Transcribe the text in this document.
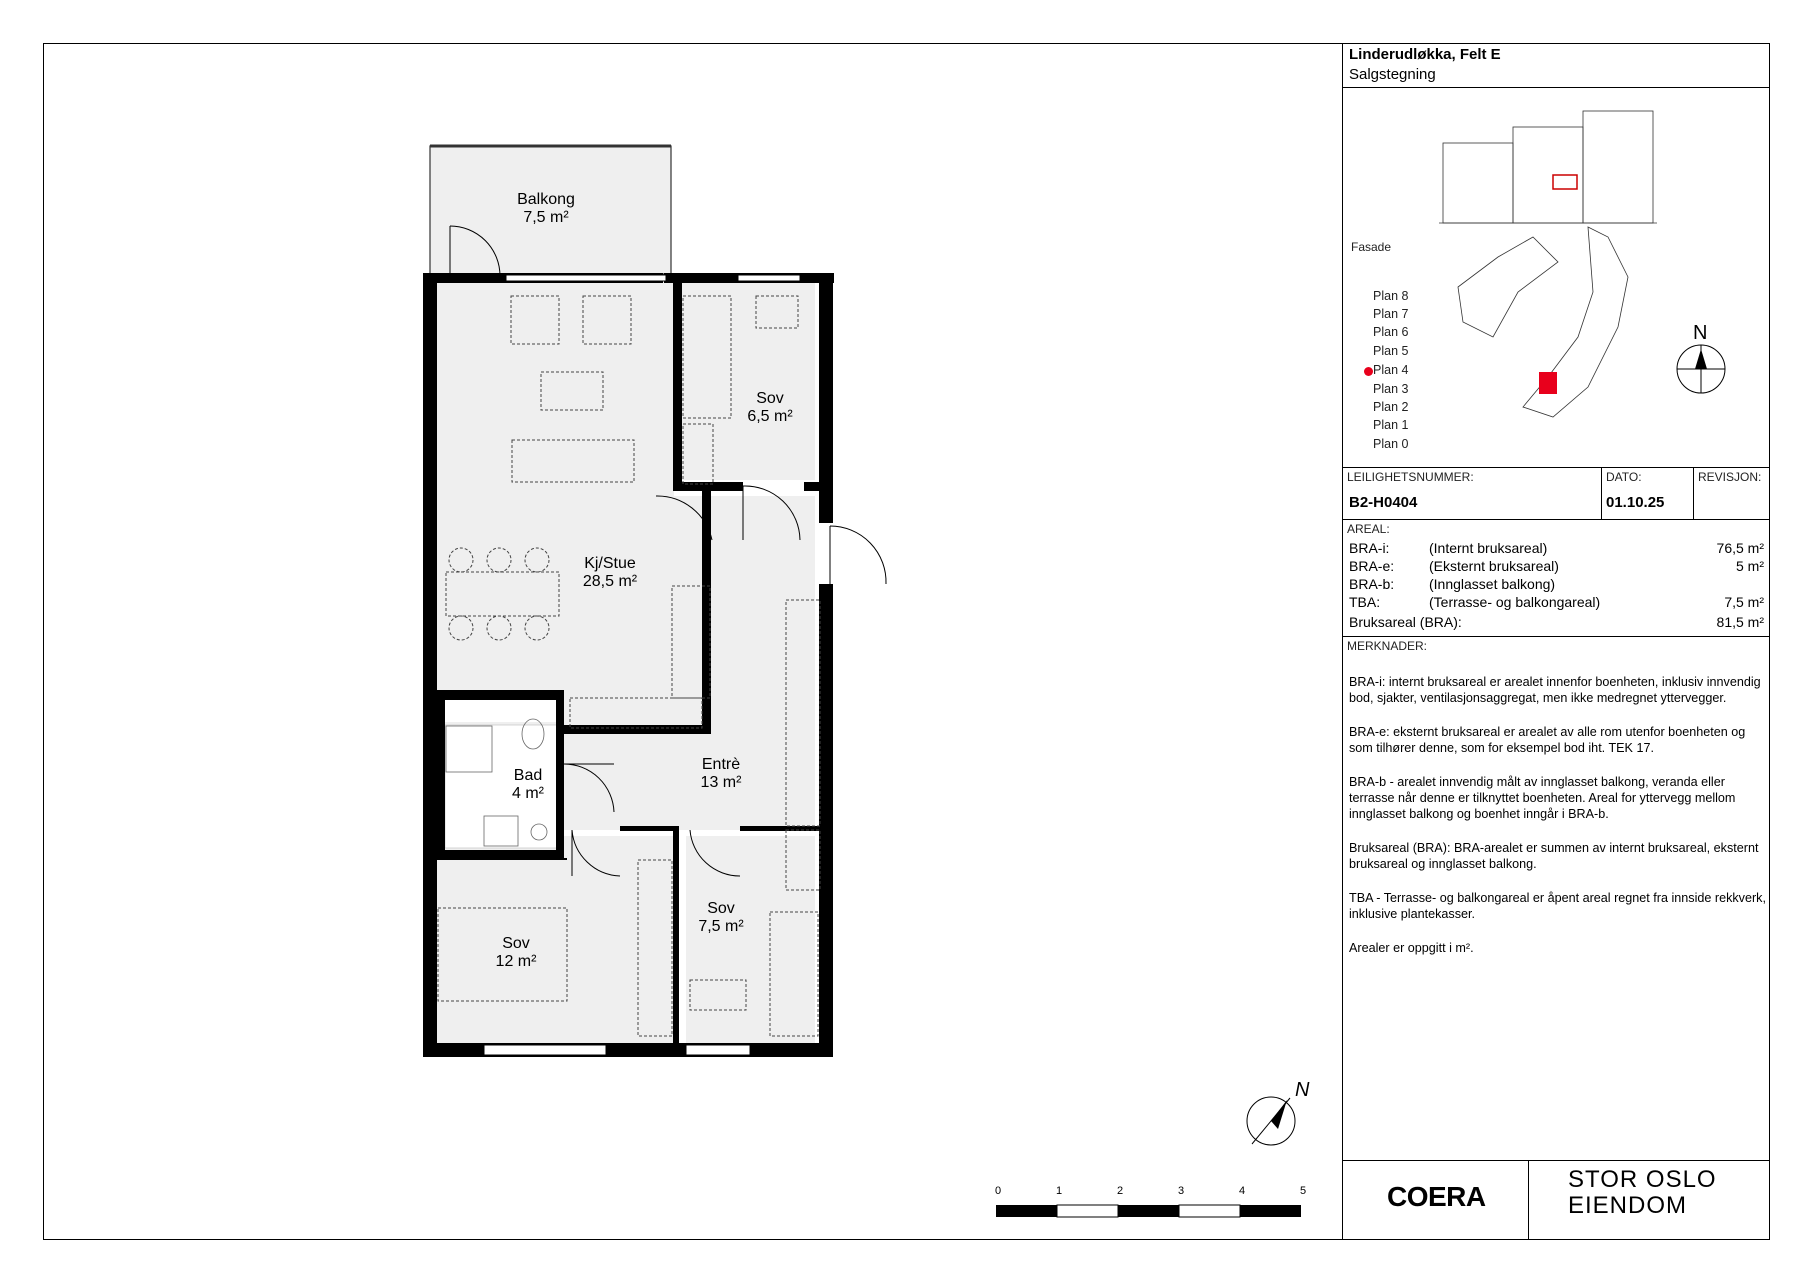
Balkong
7,5 m²
Sov
6,5 m²
Kj/Stue
28,5 m²
Bad
4 m²
Entrè
13 m²
Sov
7,5 m²
Sov
12 m²
N
0	1	2	3	4	5
Linderudløkka, Felt E
Salgstegning
Fasade
N
Plan 8
Plan 7
Plan 6
Plan 5
Plan 4
Plan 3
Plan 2
Plan 1
Plan 0
LEILIGHETSNUMMER:
B2-H0404
DATO:
01.10.25
REVISJON:
AREAL:
BRA-i:	(Internt bruksareal)	76,5 m²
BRA-e: (Eksternt bruksareal)	5 m²
BRA-b: (Innglasset balkong)
TBA:	(Terrasse- og balkongareal)	7,5 m²
Bruksareal (BRA):	81,5 m²
MERKNADER:

BRA-i: internt bruksareal er arealet innenfor boenheten, inklusiv innvendig bod, sjakter, ventilasjonsaggregat, men ikke medregnet yttervegger.

BRA-e: eksternt bruksareal er arealet av alle rom utenfor boenheten og som tilhører denne, som for eksempel bod iht. TEK 17.

BRA-b - arealet innvendig målt av innglasset balkong, veranda eller terrasse når denne er tilknyttet boenheten. Areal for yttervegg mellom innglasset balkong og boenhet inngår i BRA-b.

Bruksareal (BRA): BRA-arealet er summen av internt bruksareal, eksternt bruksareal og innglasset balkong.

TBA - Terrasse- og balkongareal er åpent areal regnet fra innside rekkverk, inklusive plantekasser.

Arealer er oppgitt i m².

COERA
STOR OSLO
EIENDOM
